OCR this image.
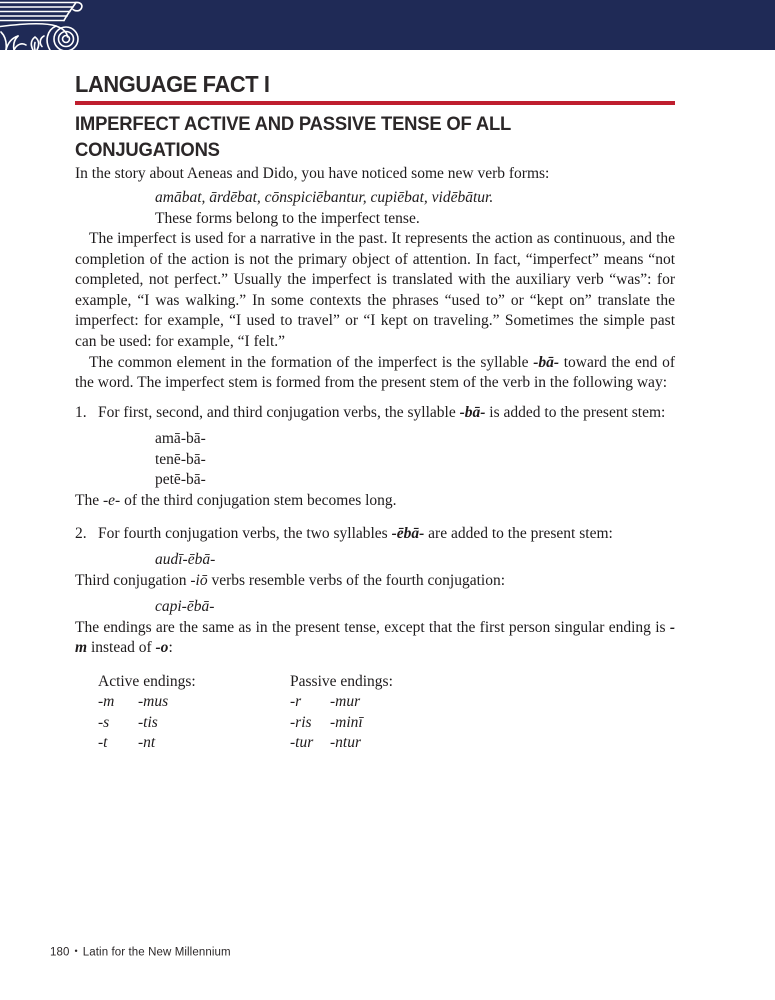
LANGUAGE FACT I
IMPERFECT ACTIVE AND PASSIVE TENSE OF ALL
CONJUGATIONS

In the story about Aeneas and Dido, you have noticed some new verb forms:

amābat, ārdēbat, cōnspiciēbantur, cupiēbat, vidēbātur.
These forms belong to the imperfect tense.

The imperfect is used for a narrative in the past. It represents the action as continuous, and the completion of the action is not the primary object of attention. In fact, “imperfect” means “not completed, not perfect.” Usually the imperfect is translated with the auxiliary verb “was”: for example, “I was walking.” In some contexts the phrases “used to” or “kept on” translate the imperfect: for example, “I used to travel” or “I kept on traveling.” Sometimes the simple past can be used: for example, “I felt.”

The common element in the formation of the imperfect is the syllable -bā- toward the end of the word. The imperfect stem is formed from the present stem of the verb in the following way:

1. For first, second, and third conjugation verbs, the syllable -bā- is added to the present stem:
amā-bā-
tenē-bā-
petē-bā-

The -e- of the third conjugation stem becomes long.

2. For fourth conjugation verbs, the two syllables -ēbā- are added to the present stem:
audī-ēbā-

Third conjugation -iō verbs resemble verbs of the fourth conjugation:

capi-ēbā-

The endings are the same as in the present tense, except that the first person singular ending is -m instead of -o:

Active endings:
-m -mus
-s -tis
-t -nt
Passive endings:
-r -mur
-ris -minī
-tur -ntur
180 • Latin for the New Millennium
